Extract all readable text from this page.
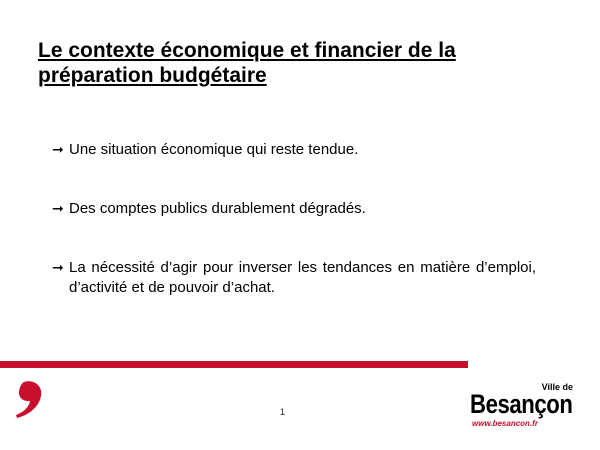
Le contexte économique et financier de la
préparation budgétaire
➞ Une situation économique qui reste tendue.
➞ Des comptes publics durablement dégradés.
➞ La nécessité d’agir pour inverser les tendances en matière d’emploi, d’activité et de pouvoir d’achat.
1
Ville de
Besançon
www.besancon.fr
